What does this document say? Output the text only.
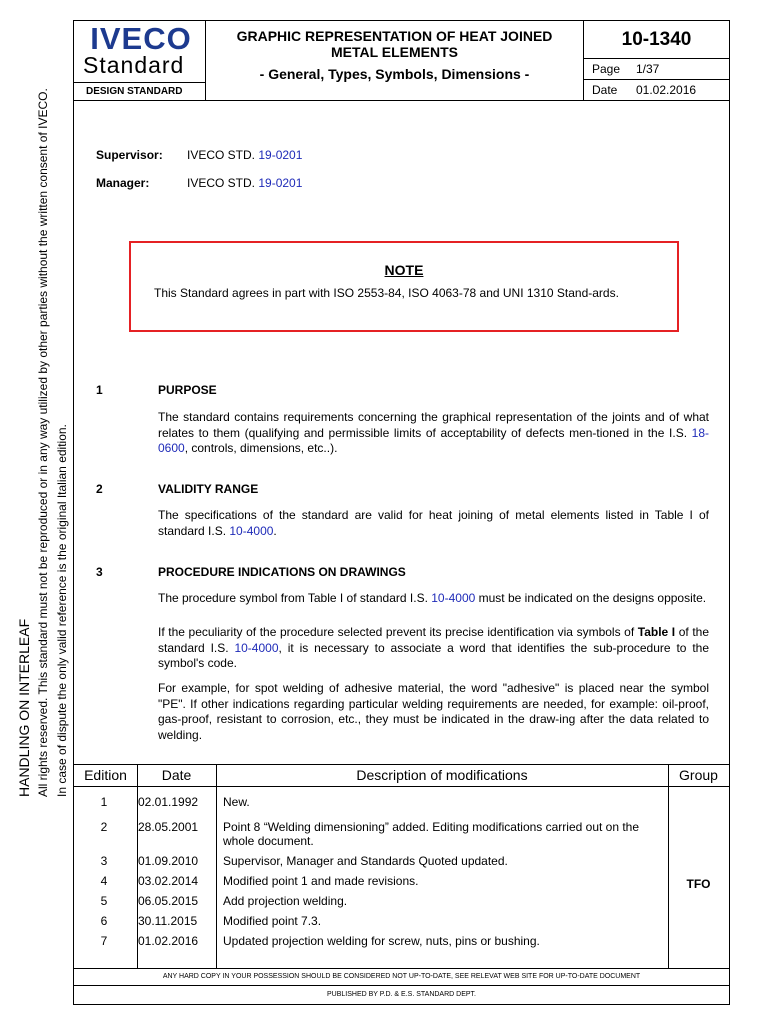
HANDLING ON INTERLEAF All rights reserved. This standard must not be reproduced or in any way utilized by other parties without the written consent of IVECO. In case of dispute the only valid reference is the original Italian edition.
IVECO
Standard
DESIGN STANDARD
GRAPHIC REPRESENTATION OF HEAT JOINED
METAL ELEMENTS
- General, Types, Symbols, Dimensions -
10-1340
Page 1/37
Date 01.02.2016
Supervisor: IVECO STD. 19-0201
Manager:	IVECO STD. 19-0201
NOTE
This Standard agrees in part with ISO 2553-84, ISO 4063-78 and UNI 1310 Stand-ards.
1	PURPOSE
The standard contains requirements concerning the graphical representation of the joints and of what relates to them (qualifying and permissible limits of acceptability of defects men-tioned in the I.S. 18-0600, controls, dimensions, etc..).
2	VALIDITY RANGE
The specifications of the standard are valid for heat joining of metal elements listed in Table I of standard I.S. 10-4000.
3	PROCEDURE INDICATIONS ON DRAWINGS
The procedure symbol from Table I of standard I.S. 10-4000 must be indicated on the designs opposite.
If the peculiarity of the procedure selected prevent its precise identification via symbols of Table I of the standard I.S. 10-4000, it is necessary to associate a word that identifies the sub-procedure to the symbol's code.
For example, for spot welding of adhesive material, the word "adhesive" is placed near the symbol "PE". If other indications regarding particular welding requirements are needed, for example: oil-proof, gas-proof, resistant to corrosion, etc., they must be indicated in the draw-ing after the data related to welding.
Edition	Date	Description of modifications	Group
1	02.01.1992	New.
2	28.05.2001	Point 8 “Welding dimensioning” added. Editing modifications carried out on the whole document.
3	01.09.2010	Supervisor, Manager and Standards Quoted updated.
4	03.02.2014	Modified point 1 and made revisions.
5	06.05.2015	Add projection welding.
6	30.11.2015	Modified point 7.3.
7	01.02.2016	Updated projection welding for screw, nuts, pins or bushing.
TFO
ANY HARD COPY IN YOUR POSSESSION SHOULD BE CONSIDERED NOT UP-TO-DATE, SEE RELEVAT WEB SITE FOR UP-TO-DATE DOCUMENT
PUBLISHED BY P.D. & E.S. STANDARD DEPT.
